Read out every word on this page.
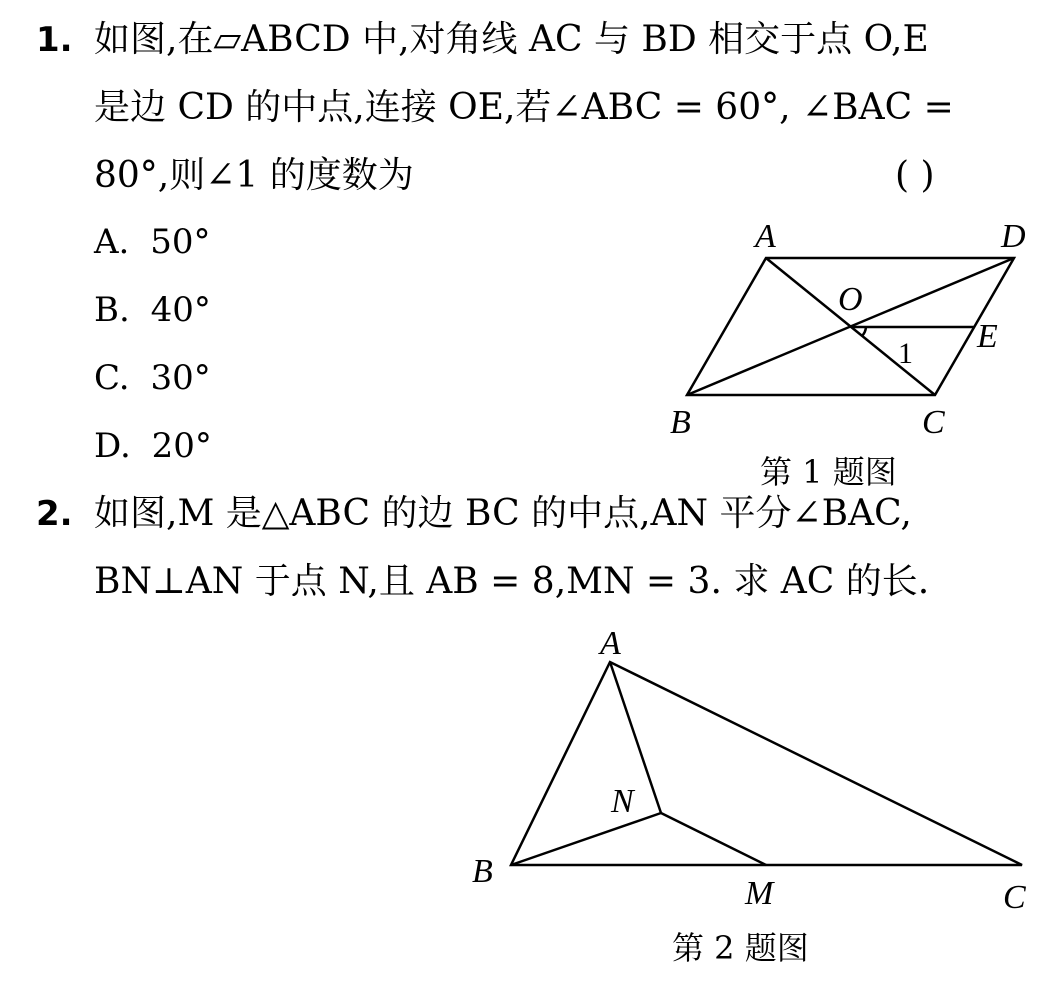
1. 如图,在▱ABCD 中,对角线 AC 与 BD 相交于点 O,E
是边 CD 的中点,连接 OE,若∠ABC = 60°, ∠BAC =
80°,则∠1 的度数为	( )
A. 50°
B. 40°
C. 30°
D. 20°
A	D
O
E
1
B	C
第 1 题图
2. 如图,M 是△ABC 的边 BC 的中点,AN 平分∠BAC,
BN⊥AN 于点 N,且 AB = 8,MN = 3. 求 AC 的长.
A
N
B
M	C
第 2 题图
